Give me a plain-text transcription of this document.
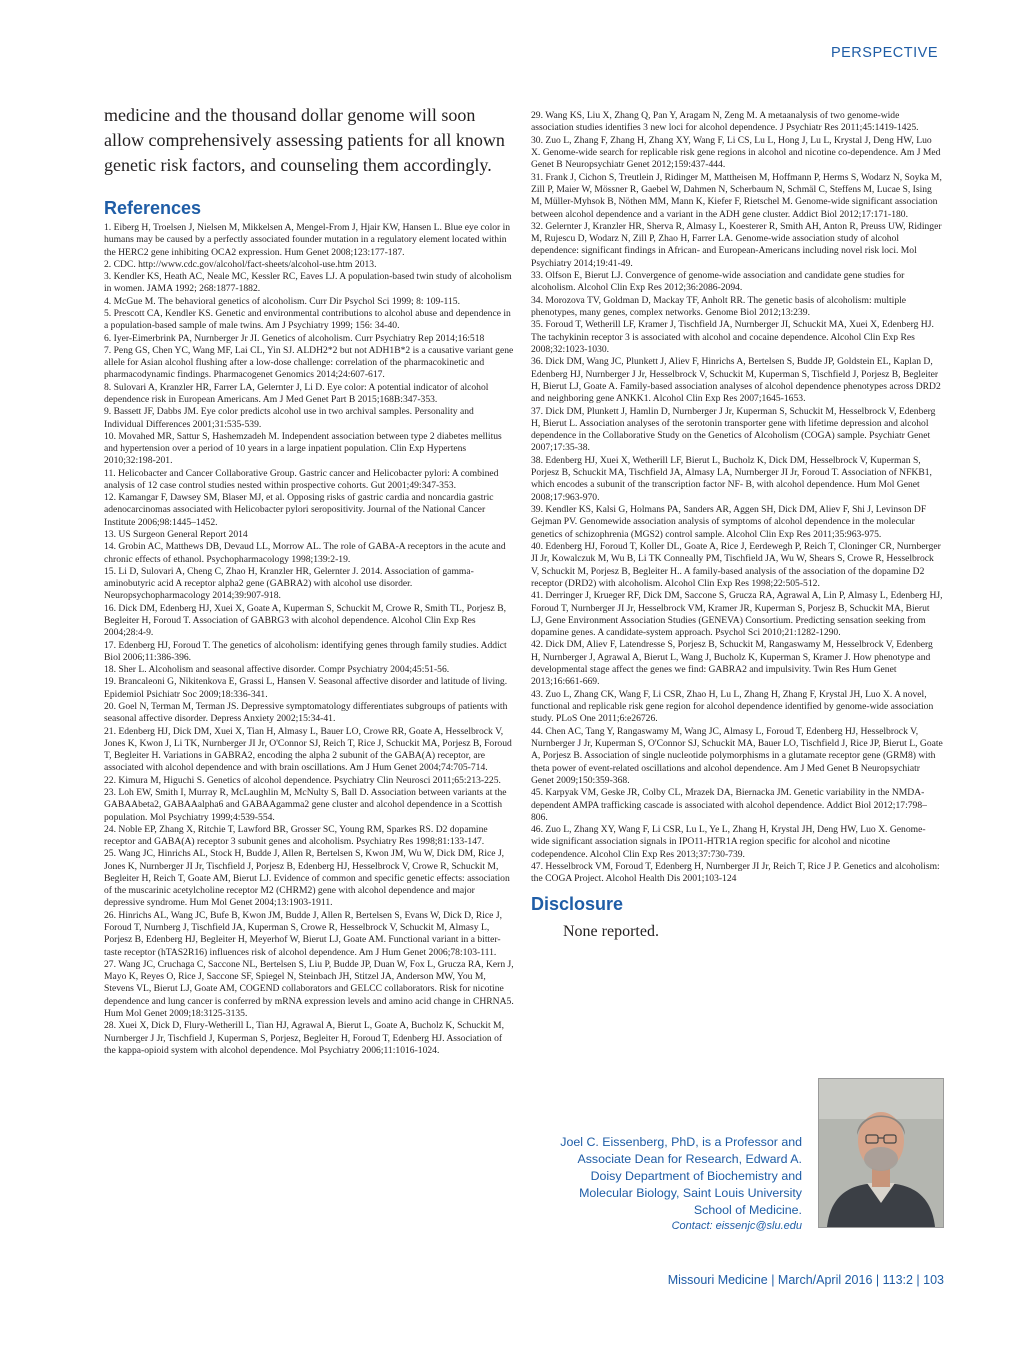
PERSPECTIVE

medicine and the thousand dollar genome will soon allow comprehensively assessing patients for all known genetic risk factors, and counseling them accordingly.

References
1. Eiberg H, Troelsen J, Nielsen M, Mikkelsen A, Mengel-From J, Hjair KW, Hansen L. Blue eye color in humans may be caused by a perfectly associated founder mutation in a regulatory element located within the HERC2 gene inhibiting OCA2 expression. Hum Genet 2008;123:177-187.
2. CDC. http://www.cdc.gov/alcohol/fact-sheets/alcohol-use.htm 2013.
3. Kendler KS, Heath AC, Neale MC, Kessler RC, Eaves LJ. A population-based twin study of alcoholism in women. JAMA 1992; 268:1877-1882.
4. McGue M. The behavioral genetics of alcoholism. Curr Dir Psychol Sci 1999; 8: 109-115.
5. Prescott CA, Kendler KS. Genetic and environmental contributions to alcohol abuse and dependence in a population-based sample of male twins. Am J Psychiatry 1999; 156: 34-40.
6. Iyer-Eimerbrink PA, Nurnberger Jr JI. Genetics of alcoholism. Curr Psychiatry Rep 2014;16:518
7. Peng GS, Chen YC, Wang MF, Lai CL, Yin SJ. ALDH2*2 but not ADH1B*2 is a causative variant gene allele for Asian alcohol flushing after a low-dose challenge: correlation of the pharmacokinetic and pharmacodynamic findings. Pharmacogenet Genomics 2014;24:607-617.
8. Sulovari A, Kranzler HR, Farrer LA, Gelernter J, Li D. Eye color: A potential indicator of alcohol dependence risk in European Americans. Am J Med Genet Part B 2015;168B:347-353.
9. Bassett JF, Dabbs JM. Eye color predicts alcohol use in two archival samples. Personality and Individual Differences 2001;31:535-539.
10. Movahed MR, Sattur S, Hashemzadeh M. Independent association between type 2 diabetes mellitus and hypertension over a period of 10 years in a large inpatient population. Clin Exp Hypertens 2010;32:198-201.
11. Helicobacter and Cancer Collaborative Group. Gastric cancer and Helicobacter pylori: A combined analysis of 12 case control studies nested within prospective cohorts. Gut 2001;49:347-353.
12. Kamangar F, Dawsey SM, Blaser MJ, et al. Opposing risks of gastric cardia and noncardia gastric adenocarcinomas associated with Helicobacter pylori seropositivity. Journal of the National Cancer Institute 2006;98:1445–1452.
13. US Surgeon General Report 2014
14. Grobin AC, Matthews DB, Devaud LL, Morrow AL. The role of GABA-A receptors in the acute and chronic effects of ethanol. Psychopharmacology 1998;139:2-19.
15. Li D, Sulovari A, Cheng C, Zhao H, Kranzler HR, Gelernter J. 2014. Association of gamma- aminobutyric acid A receptor alpha2 gene (GABRA2) with alcohol use disorder. Neuropsychopharmacology 2014;39:907-918.
16. Dick DM, Edenberg HJ, Xuei X, Goate A, Kuperman S, Schuckit M, Crowe R, Smith TL, Porjesz B, Begleiter H, Foroud T. Association of GABRG3 with alcohol dependence. Alcohol Clin Exp Res 2004;28:4-9.
17. Edenberg HJ, Foroud T. The genetics of alcoholism: identifying genes through family studies. Addict Biol 2006;11:386-396.
18. Sher L. Alcoholism and seasonal affective disorder. Compr Psychiatry 2004;45:51-56.
19. Brancaleoni G, Nikitenkova E, Grassi L, Hansen V. Seasonal affective disorder and latitude of living. Epidemiol Psichiatr Soc 2009;18:336-341.
20. Goel N, Terman M, Terman JS. Depressive symptomatology differentiates subgroups of patients with seasonal affective disorder. Depress Anxiety 2002;15:34-41.
21. Edenberg HJ, Dick DM, Xuei X, Tian H, Almasy L, Bauer LO, Crowe RR, Goate A, Hesselbrock V, Jones K, Kwon J, Li TK, Nurnberger JI Jr, O'Connor SJ, Reich T, Rice J, Schuckit MA, Porjesz B, Foroud T, Begleiter H. Variations in GABRA2, encoding the alpha 2 subunit of the GABA(A) receptor, are associated with alcohol dependence and with brain oscillations. Am J Hum Genet 2004;74:705-714.
22. Kimura M, Higuchi S. Genetics of alcohol dependence. Psychiatry Clin Neurosci 2011;65:213-225.
23. Loh EW, Smith I, Murray R, McLaughlin M, McNulty S, Ball D. Association between variants at the GABAAbeta2, GABAAalpha6 and GABAAgamma2 gene cluster and alcohol dependence in a Scottish population. Mol Psychiatry 1999;4:539-554.
24. Noble EP, Zhang X, Ritchie T, Lawford BR, Grosser SC, Young RM, Sparkes RS. D2 dopamine receptor and GABA(A) receptor 3 subunit genes and alcoholism. Psychiatry Res 1998;81:133-147.
25. Wang JC, Hinrichs AL, Stock H, Budde J, Allen R, Bertelsen S, Kwon JM, Wu W, Dick DM, Rice J, Jones K, Nurnberger JI Jr, Tischfield J, Porjesz B, Edenberg HJ, Hesselbrock V, Crowe R, Schuckit M, Begleiter H, Reich T, Goate AM, Bierut LJ. Evidence of common and specific genetic effects: association of the muscarinic acetylcholine receptor M2 (CHRM2) gene with alcohol dependence and major depressive syndrome. Hum Mol Genet 2004;13:1903-1911.
26. Hinrichs AL, Wang JC, Bufe B, Kwon JM, Budde J, Allen R, Bertelsen S, Evans W, Dick D, Rice J, Foroud T, Nurnberg J, Tischfield JA, Kuperman S, Crowe R, Hesselbrock V, Schuckit M, Almasy L, Porjesz B, Edenberg HJ, Begleiter H, Meyerhof W, Bierut LJ, Goate AM. Functional variant in a bitter-taste receptor (hTAS2R16) influences risk of alcohol dependence. Am J Hum Genet 2006;78:103-111.
27. Wang JC, Cruchaga C, Saccone NL, Bertelsen S, Liu P, Budde JP, Duan W, Fox L, Grucza RA, Kern J, Mayo K, Reyes O, Rice J, Saccone SF, Spiegel N, Steinbach JH, Stitzel JA, Anderson MW, You M, Stevens VL, Bierut LJ, Goate AM, COGEND collaborators and GELCC collaborators. Risk for nicotine dependence and lung cancer is conferred by mRNA expression levels and amino acid change in CHRNA5. Hum Mol Genet 2009;18:3125-3135.
28. Xuei X, Dick D, Flury-Wetherill L, Tian HJ, Agrawal A, Bierut L, Goate A, Bucholz K, Schuckit M, Nurnberger J Jr, Tischfield J, Kuperman S, Porjesz, Begleiter H, Foroud T, Edenberg HJ. Association of the kappa-opioid system with alcohol dependence. Mol Psychiatry 2006;11:1016-1024.
29. Wang KS, Liu X, Zhang Q, Pan Y, Aragam N, Zeng M. A metaanalysis of two genome-wide association studies identifies 3 new loci for alcohol dependence. J Psychiatr Res 2011;45:1419-1425.
30. Zuo L, Zhang F, Zhang H, Zhang XY, Wang F, Li CS, Lu L, Hong J, Lu L, Krystal J, Deng HW, Luo X. Genome-wide search for replicable risk gene regions in alcohol and nicotine co-dependence. Am J Med Genet B Neuropsychiatr Genet 2012;159:437-444.
31. Frank J, Cichon S, Treutlein J, Ridinger M, Mattheisen M, Hoffmann P, Herms S, Wodarz N, Soyka M, Zill P, Maier W, Mössner R, Gaebel W, Dahmen N, Scherbaum N, Schmäl C, Steffens M, Lucae S, Ising M, Müller-Myhsok B, Nöthen MM, Mann K, Kiefer F, Rietschel M. Genome-wide significant association between alcohol dependence and a variant in the ADH gene cluster. Addict Biol 2012;17:171-180.
32. Gelernter J, Kranzler HR, Sherva R, Almasy L, Koesterer R, Smith AH, Anton R, Preuss UW, Ridinger M, Rujescu D, Wodarz N, Zill P, Zhao H, Farrer LA. Genome-wide association study of alcohol dependence: significant findings in African- and European-Americans including novel risk loci. Mol Psychiatry 2014;19:41-49.
33. Olfson E, Bierut LJ. Convergence of genome-wide association and candidate gene studies for alcoholism. Alcohol Clin Exp Res 2012;36:2086-2094.
34. Morozova TV, Goldman D, Mackay TF, Anholt RR. The genetic basis of alcoholism: multiple phenotypes, many genes, complex networks. Genome Biol 2012;13:239.
35. Foroud T, Wetherill LF, Kramer J, Tischfield JA, Nurnberger JI, Schuckit MA, Xuei X, Edenberg HJ. The tachykinin receptor 3 is associated with alcohol and cocaine dependence. Alcohol Clin Exp Res 2008;32:1023-1030.
36. Dick DM, Wang JC, Plunkett J, Aliev F, Hinrichs A, Bertelsen S, Budde JP, Goldstein EL, Kaplan D, Edenberg HJ, Nurnberger J Jr, Hesselbrock V, Schuckit M, Kuperman S, Tischfield J, Porjesz B, Begleiter H, Bierut LJ, Goate A. Family-based association analyses of alcohol dependence phenotypes across DRD2 and neighboring gene ANKK1. Alcohol Clin Exp Res 2007;1645-1653.
37. Dick DM, Plunkett J, Hamlin D, Nurnberger J Jr, Kuperman S, Schuckit M, Hesselbrock V, Edenberg H, Bierut L. Association analyses of the serotonin transporter gene with lifetime depression and alcohol dependence in the Collaborative Study on the Genetics of Alcoholism (COGA) sample. Psychiatr Genet 2007;17:35-38.
38. Edenberg HJ, Xuei X, Wetherill LF, Bierut L, Bucholz K, Dick DM, Hesselbrock V, Kuperman S, Porjesz B, Schuckit MA, Tischfield JA, Almasy LA, Nurnberger JI Jr, Foroud T. Association of NFKB1, which encodes a subunit of the transcription factor NF- B, with alcohol dependence. Hum Mol Genet 2008;17:963-970.
39. Kendler KS, Kalsi G, Holmans PA, Sanders AR, Aggen SH, Dick DM, Aliev F, Shi J, Levinson DF Gejman PV. Genomewide association analysis of symptoms of alcohol dependence in the molecular genetics of schizophrenia (MGS2) control sample. Alcohol Clin Exp Res 2011;35:963-975.
40. Edenberg HJ, Foroud T, Koller DL, Goate A, Rice J, Eerdewegh P, Reich T, Cloninger CR, Nurnberger JI Jr, Kowalczuk M, Wu B, Li TK Conneally PM, Tischfield JA, Wu W, Shears S, Crowe R, Hesselbrock V, Schuckit M, Porjesz B, Begleiter H.. A family-based analysis of the association of the dopamine D2 receptor (DRD2) with alcoholism. Alcohol Clin Exp Res 1998;22:505-512.
41. Derringer J, Krueger RF, Dick DM, Saccone S, Grucza RA, Agrawal A, Lin P, Almasy L, Edenberg HJ, Foroud T, Nurnberger JI Jr, Hesselbrock VM, Kramer JR, Kuperman S, Porjesz B, Schuckit MA, Bierut LJ, Gene Environment Association Studies (GENEVA) Consortium. Predicting sensation seeking from dopamine genes. A candidate-system approach. Psychol Sci 2010;21:1282-1290.
42. Dick DM, Aliev F, Latendresse S, Porjesz B, Schuckit M, Rangaswamy M, Hesselbrock V, Edenberg H, Nurnberger J, Agrawal A, Bierut L, Wang J, Bucholz K, Kuperman S, Kramer J. How phenotype and developmental stage affect the genes we find: GABRA2 and impulsivity. Twin Res Hum Genet 2013;16:661-669.
43. Zuo L, Zhang CK, Wang F, Li CSR, Zhao H, Lu L, Zhang H, Zhang F, Krystal JH, Luo X. A novel, functional and replicable risk gene region for alcohol dependence identified by genome-wide association study. PLoS One 2011;6:e26726.
44. Chen AC, Tang Y, Rangaswamy M, Wang JC, Almasy L, Foroud T, Edenberg HJ, Hesselbrock V, Nurnberger J Jr, Kuperman S, O'Connor SJ, Schuckit MA, Bauer LO, Tischfield J, Rice JP, Bierut L, Goate A, Porjesz B. Association of single nucleotide polymorphisms in a glutamate receptor gene (GRM8) with theta power of event-related oscillations and alcohol dependence. Am J Med Genet B Neuropsychiatr Genet 2009;150:359-368.
45. Karpyak VM, Geske JR, Colby CL, Mrazek DA, Biernacka JM. Genetic variability in the NMDA-dependent AMPA trafficking cascade is associated with alcohol dependence. Addict Biol 2012;17:798–806.
46. Zuo L, Zhang XY, Wang F, Li CSR, Lu L, Ye L, Zhang H, Krystal JH, Deng HW, Luo X. Genome-wide significant association signals in IPO11-HTR1A region specific for alcohol and nicotine codependence. Alcohol Clin Exp Res 2013;37:730-739.
47. Hesselbrock VM, Foroud T, Edenberg H, Nurnberger JI Jr, Reich T, Rice J P. Genetics and alcoholism: the COGA Project. Alcohol Health Dis 2001;103-124
Disclosure

None reported.

Joel C. Eissenberg, PhD, is a Professor and
Associate Dean for Research, Edward A.
Doisy Department of Biochemistry and
Molecular Biology, Saint Louis University
School of Medicine.
Contact: eissenjc@slu.edu
Missouri Medicine | March/April 2016 | 113:2 | 103
